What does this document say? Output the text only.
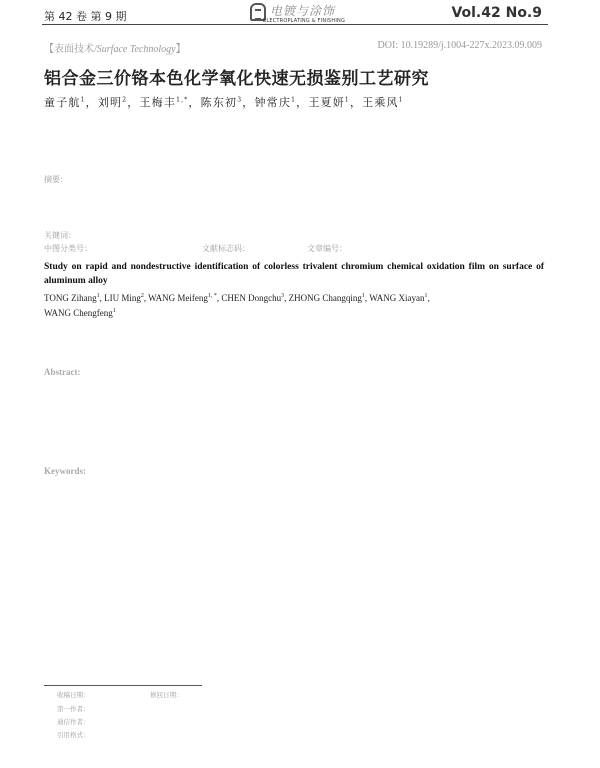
第 42 卷 第 9 期	电镀与涂饰
ELECTROPLATING & FINISHING	Vol.42 No.9
【表面技术/Surface Technology】	DOI: 10.19289/j.1004-227x.2023.09.009
铝合金三价铬本色化学氧化快速无损鉴别工艺研究
童子航$^1$，刘明$^2$，王梅丰$^{1,*}$，陈东初$^3$，钟常庆$^1$，王夏妍$^1$，王乘风$^1$
摘要：
关键词：
中图分类号：	文献标志码：	文章编号：
Study on rapid and nondestructive identification of colorless trivalent chromium chemical oxidation film on surface of aluminum alloy
TONG Zihang$^1$, LIU Ming$^2$, WANG Meifeng$^{1, *}$, CHEN Dongchu$^3$, ZHONG Changqing$^1$, WANG Xiayan$^1$,
WANG Chengfeng$^1$
Abstract:
Keywords:
收稿日期：	修回日期：
第一作者：
通信作者：
引用格式：
